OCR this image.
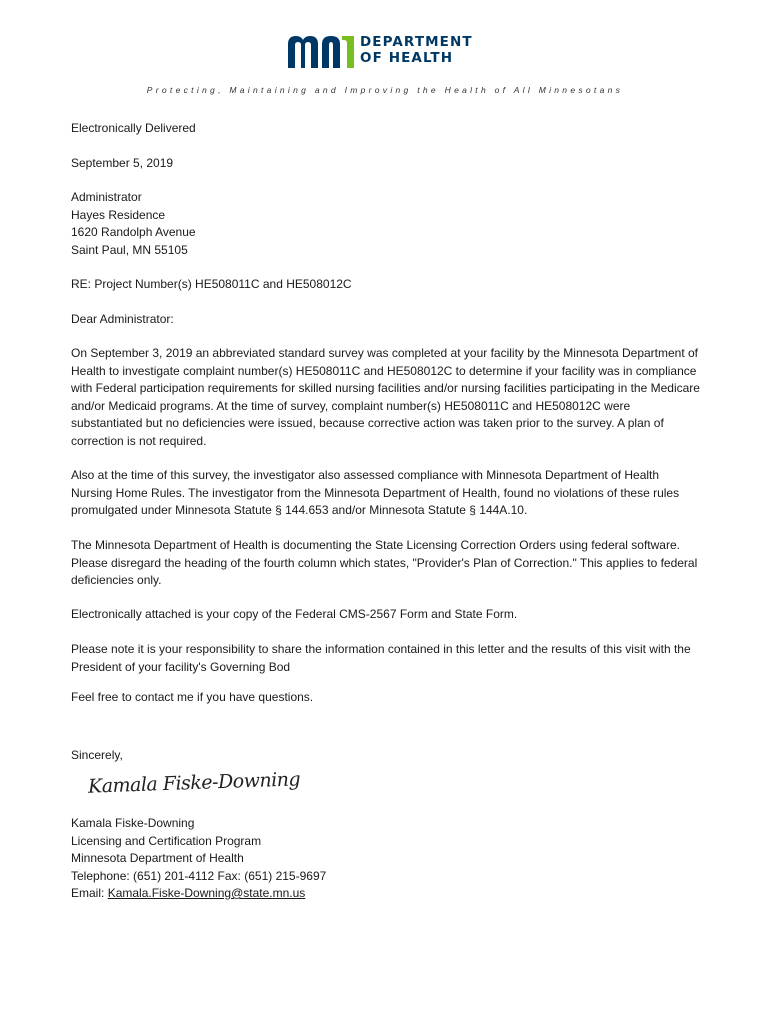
DEPARTMENT
OF HEALTH
Protecting, Maintaining and Improving the Health of All Minnesotans
Electronically Delivered
September 5, 2019
Administrator
Hayes Residence
1620 Randolph Avenue
Saint Paul, MN 55105
RE: Project Number(s) HE508011C and HE508012C
Dear Administrator:
On September 3, 2019 an abbreviated standard survey was completed at your facility by the Minnesota Department of Health to investigate complaint number(s) HE508011C and HE508012C to determine if your facility was in compliance with Federal participation requirements for skilled nursing facilities and/or nursing facilities participating in the Medicare and/or Medicaid programs. At the time of survey, complaint number(s) HE508011C and HE508012C were substantiated but no deficiencies were issued, because corrective action was taken prior to the survey. A plan of correction is not required.
Also at the time of this survey, the investigator also assessed compliance with Minnesota Department of Health Nursing Home Rules. The investigator from the Minnesota Department of Health, found no violations of these rules promulgated under Minnesota Statute § 144.653 and/or Minnesota Statute § 144A.10.
The Minnesota Department of Health is documenting the State Licensing Correction Orders using federal software. Please disregard the heading of the fourth column which states, "Provider's Plan of Correction." This applies to federal deficiencies only.
Electronically attached is your copy of the Federal CMS-2567 Form and State Form.
Please note it is your responsibility to share the information contained in this letter and the results of this visit with the President of your facility's Governing Bod
Feel free to contact me if you have questions.
Sincerely,
Kamala Fiske-Downing
Kamala Fiske-Downing
Licensing and Certification Program
Minnesota Department of Health
Telephone: (651) 201-4112 Fax: (651) 215-9697
Email: Kamala.Fiske-Downing@state.mn.us
